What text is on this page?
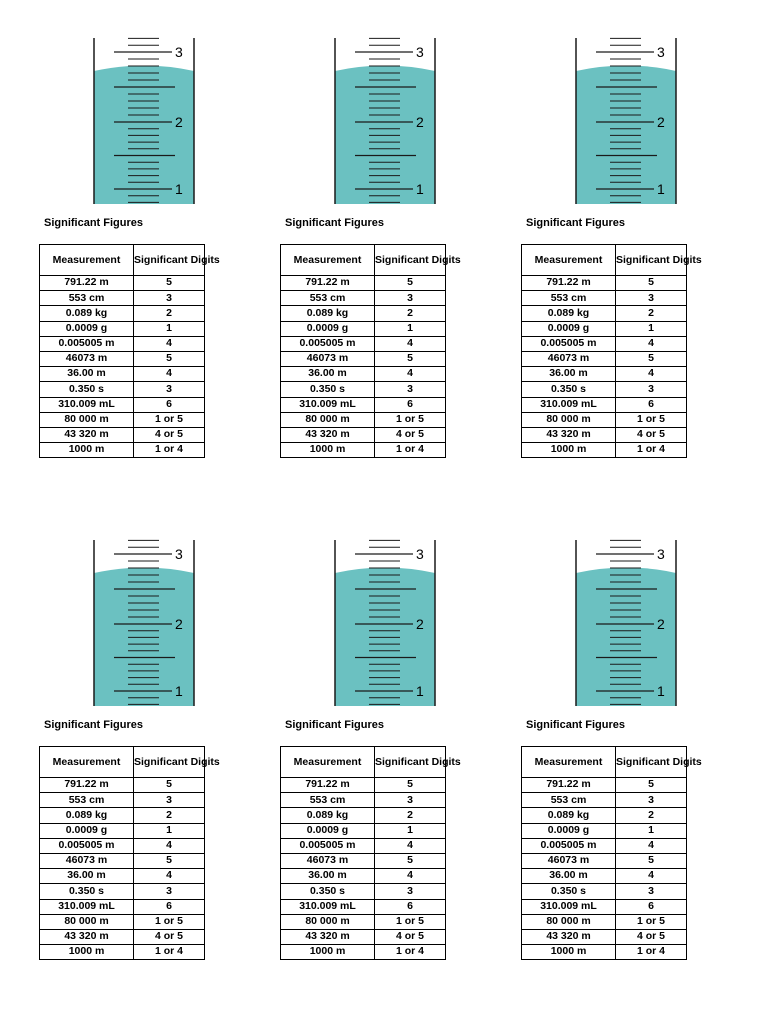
3
2
1
Significant Figures
Measurement	Significant Digits

791.22 m	5
553 cm	3
0.089 kg	2
0.0009 g	1
0.005005 m	4
46073 m	5
36.00 m	4
0.350 s	3
310.009 mL	6
80 000 m	1 or 5
43 320 m	4 or 5
1000 m	1 or 4
3
2
1
Significant Figures
Measurement	Significant Digits

791.22 m	5
553 cm	3
0.089 kg	2
0.0009 g	1
0.005005 m	4
46073 m	5
36.00 m	4
0.350 s	3
310.009 mL	6
80 000 m	1 or 5
43 320 m	4 or 5
1000 m	1 or 4
3
2
1
Significant Figures
Measurement	Significant Digits

791.22 m	5
553 cm	3
0.089 kg	2
0.0009 g	1
0.005005 m	4
46073 m	5
36.00 m	4
0.350 s	3
310.009 mL	6
80 000 m	1 or 5
43 320 m	4 or 5
1000 m	1 or 4
3
2
1
Significant Figures
Measurement	Significant Digits

791.22 m	5
553 cm	3
0.089 kg	2
0.0009 g	1
0.005005 m	4
46073 m	5
36.00 m	4
0.350 s	3
310.009 mL	6
80 000 m	1 or 5
43 320 m	4 or 5
1000 m	1 or 4
3
2
1
Significant Figures
Measurement	Significant Digits

791.22 m	5
553 cm	3
0.089 kg	2
0.0009 g	1
0.005005 m	4
46073 m	5
36.00 m	4
0.350 s	3
310.009 mL	6
80 000 m	1 or 5
43 320 m	4 or 5
1000 m	1 or 4
3
2
1
Significant Figures
Measurement	Significant Digits

791.22 m	5
553 cm	3
0.089 kg	2
0.0009 g	1
0.005005 m	4
46073 m	5
36.00 m	4
0.350 s	3
310.009 mL	6
80 000 m	1 or 5
43 320 m	4 or 5
1000 m	1 or 4
